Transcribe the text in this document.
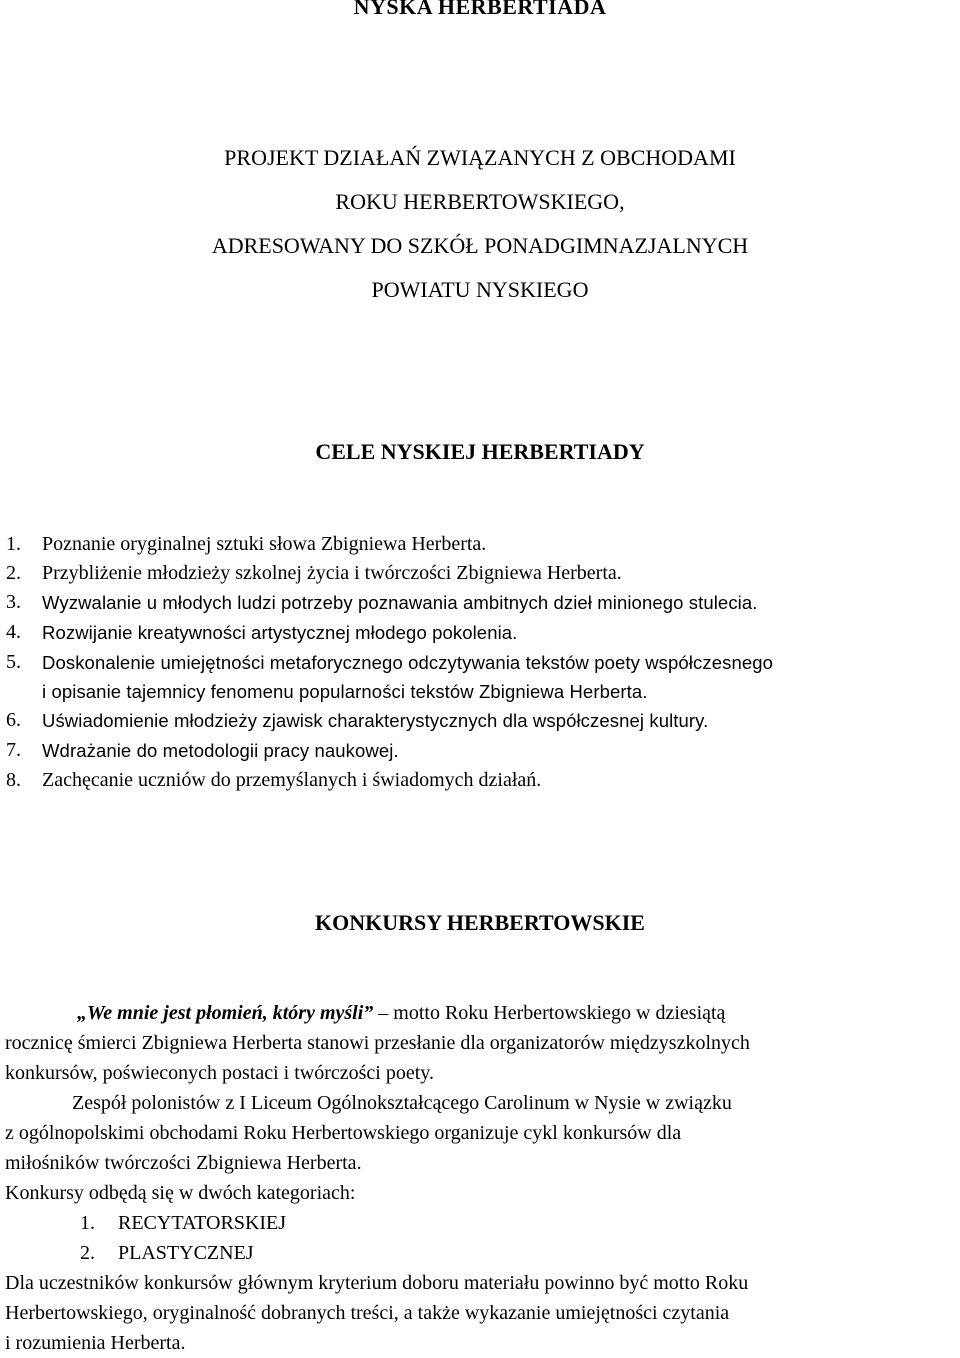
NYSKA HERBERTIADA
PROJEKT DZIAŁAŃ ZWIĄZANYCH Z OBCHODAMI
ROKU HERBERTOWSKIEGO,
ADRESOWANY DO SZKÓŁ PONADGIMNAZJALNYCH
POWIATU NYSKIEGO
CELE NYSKIEJ HERBERTIADY
1. Poznanie oryginalnej sztuki słowa Zbigniewa Herberta.
2. Przybliżenie młodzieży szkolnej życia i twórczości Zbigniewa Herberta.
3. Wyzwalanie u młodych ludzi potrzeby poznawania ambitnych dzieł minionego stulecia.
4. Rozwijanie kreatywności artystycznej młodego pokolenia.
5. Doskonalenie umiejętności metaforycznego odczytywania tekstów poety współczesnego
i opisanie tajemnicy fenomenu popularności tekstów Zbigniewa Herberta.
6. Uświadomienie młodzieży zjawisk charakterystycznych dla współczesnej kultury.
7. Wdrażanie do metodologii pracy naukowej.
8. Zachęcanie uczniów do przemyślanych i świadomych działań.
KONKURSY HERBERTOWSKIE

„We mnie jest płomień, który myśli” – motto Roku Herbertowskiego w dziesiątą

rocznicę śmierci Zbigniewa Herberta stanowi przesłanie dla organizatorów międzyszkolnych

konkursów, poświeconych postaci i twórczości poety.

Zespół polonistów z I Liceum Ogólnokształcącego Carolinum w Nysie w związku

z ogólnopolskimi obchodami Roku Herbertowskiego organizuje cykl konkursów dla

miłośników twórczości Zbigniewa Herberta.

Konkursy odbędą się w dwóch kategoriach:

1. RECYTATORSKIEJ
2. PLASTYCZNEJ

Dla uczestników konkursów głównym kryterium doboru materiału powinno być motto Roku

Herbertowskiego, oryginalność dobranych treści, a także wykazanie umiejętności czytania

i rozumienia Herberta.
